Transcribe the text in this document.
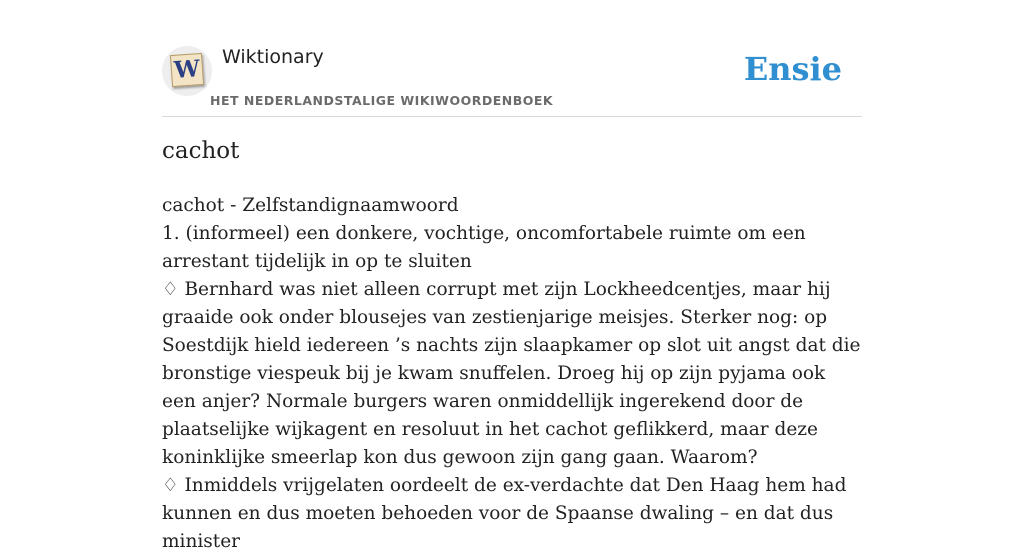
W Wiktionary
HET NEDERLANDSTALIGE WIKIWOORDENBOEK
Ensie
cachot

cachot - Zelfstandignaamwoord

1. (informeel) een donkere, vochtige, oncomfortabele ruimte om een arrestant tijdelijk in op te sluiten

♢ Bernhard was niet alleen corrupt met zijn Lockheedcentjes, maar hij graaide ook onder blousejes van zestienjarige meisjes. Sterker nog: op Soestdijk hield iedereen ’s nachts zijn slaapkamer op slot uit angst dat die bronstige viespeuk bij je kwam snuffelen. Droeg hij op zijn pyjama ook een anjer? Normale burgers waren onmiddellijk ingerekend door de plaatselijke wijkagent en resoluut in het cachot geflikkerd, maar deze koninklijke smeerlap kon dus gewoon zijn gang gaan. Waarom?

♢ Inmiddels vrijgelaten oordeelt de ex-verdachte dat Den Haag hem had kunnen en dus moeten behoeden voor de Spaanse dwaling – en dat dus minister
